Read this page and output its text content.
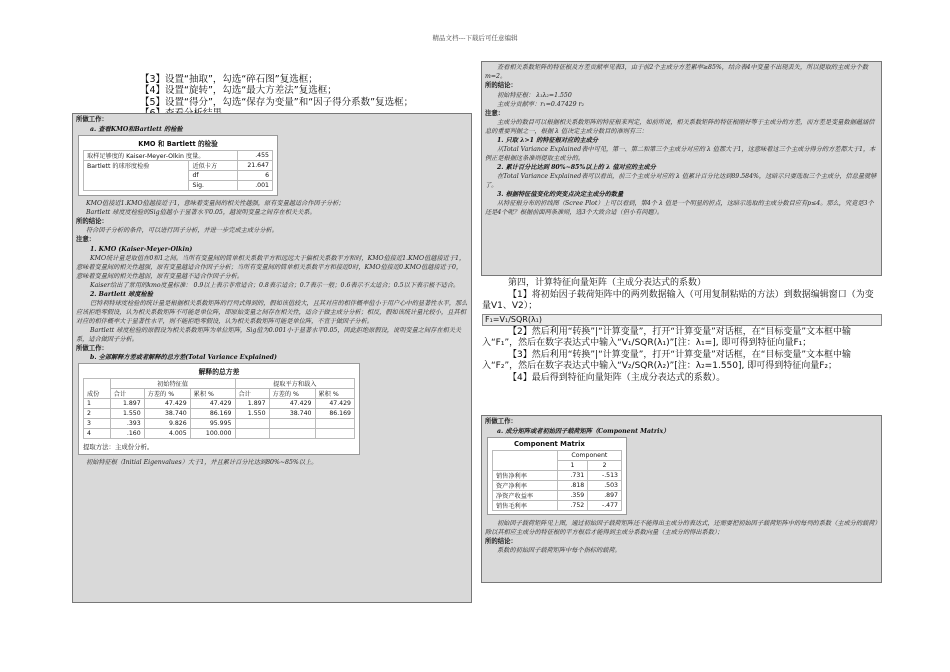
精品文档---下载后可任意编辑
【3】设置“抽取”，勾选“碎石图”复选框；
【4】设置“旋转”，勾选“最大方差法”复选框；
【5】设置“得分”，勾选“保存为变量”和“因子得分系数”复选框；
所做工作：
a. 查看KMO和Bartlett 的检验
KMO 和 Bartlett 的检验
取样足够度的 Kaiser-Meyer-Olkin 度量。		.455
Bartlett 的球形度检验	近似卡方	21.647
	df	6
	Sig.	.001
KMO值接近1.KMO值越接近于1，意味着变量间的相关性越强，原有变量越适合作因子分析；
Bartlett 球度度检验的Sig值越小于显著水平0.05，越说明变量之间存在相关关系。
所的结论：
符合因子分析的条件，可以进行因子分析，并进一步完成主成分分析。
注意：
1. KMO (Kaiser-Meyer-Olkin)
KMO统计量是取值在0和1之间。当所有变量间的简单相关系数平方和远远大于偏相关系数平方和时，KMO值接近1.KMO值越接近于1，意味着变量间的相关性越强，原有变量越适合作因子分析；当所有变量间的简单相关系数平方和接近0时，KMO值接近0.KMO值越接近于0，意味着变量间的相关性越弱，原有变量越不适合作因子分析。
Kaiser给出了常用的kmo度量标准： 0.9以上表示非常适合；0.8表示适合；0.7表示一般；0.6表示不太适合；0.5以下表示极不适合。
2. Bartlett 球度检验
巴特利特球度检验的统计量是根据相关系数矩阵的行列式得到的，假如该值较大，且其对应的相伴概率值小于用户心中的显著性水平，那么应该拒绝零假设，认为相关系数矩阵不可能是单位阵，即原始变量之间存在相关性，适合于做主成分分析；相反，假如该统计量比较小，且其相对应的相伴概率大于显著性水平，则不能拒绝零假设，认为相关系数矩阵可能是单位阵，不宜于做因子分析。
Bartlett 球度检验的原假设为相关系数矩阵为单位矩阵，Sig值为0.001小于显著水平0.05，因此拒绝原假设，说明变量之间存在相关关系，适合做因子分析。
所做工作：
b. 全部解释方差或者解释的总方差(Total Variance Explained)
解释的总方差
成份	初始特征值			提取平方和载入		
	合计	方差的 %	累积 %	合计	方差的 %	累积 %
1	1.897	47.429	47.429	1.897	47.429	47.429
2	1.550	38.740	86.169	1.550	38.740	86.169
3	.393	9.826	95.995			
4	.160	4.005	100.000			
提取方法：主成份分析。
初始特征根（Initial Eigenvalues）大于1，并且累计百分比达到80%~85%以上。
查看相关系数矩阵的特征根及方差贡献率见表3，由于前2个主成分方差累率≥85%，结合表4中变量不出现丢失，所以提取的主成分个数m=2。
所的结论：
初始特征根： λ₁λ₂=1.550
主成分贡献率：r₁=0.47429 r₂
注意：
主成分的数目可以根据相关系数矩阵的特征根来判定，如前所说，相关系数矩阵的特征根刚好等于主成分的方差，而方差是变量数据蕴涵信息的重要判据之一，根据 λ 值决定主成分数目的准则有三：
1. 只取 λ>1 的特征根对应的主成分
从Total Variance Explained表中可见，第一、第二和第三个主成分对应的 λ 值都大于1，这意味着这三个主成分得分的方差都大于1，本例正是根据这条准则提取主成分的。
2. 累计百分比达到 80%~85%以上的 λ 值对应的主成分
在Total Variance Explained表可以看出，前三个主成分对应的 λ 值累计百分比达到89.584%，这暗示只要选取三个主成分，信息量就够了。
3. 根据特征值变化的突变点决定主成分的数量
从特征根分布的折线图（Scree Plot）上可以看到，第4个 λ 值是一个明显的折点，这暗示选取的主成分数目应有p≤4。那么，究竟是3个还是4个呢？根据前面两条准则，选3个大致合适（但小有问题）。
第四，计算特征向量矩阵（主成分表达式的系数）
【1】将初始因子载荷矩阵中的两列数据输入（可用复制粘贴的方法）到数据编辑窗口（为变量V1、V2）；
F₁=V₁/SQR(λ₁)
【2】然后利用“转换”|“计算变量”，打开“计算变量”对话框，在“目标变量”文本框中输入“F₁”，然后在数字表达式中输入“V₁/SQR(λ₁)”[注：λ₁=], 即可得到特征向量F₁；
【3】然后利用“转换”|“计算变量”，打开“计算变量”对话框，在“目标变量”文本框中输入“F₂”，然后在数字表达式中输入“V₂/SQR(λ₂)”[注：λ₂=1.550], 即可得到特征向量F₂；
【4】最后得到特征向量矩阵（主成分表达式的系数）。
所做工作：
a. 成分矩阵或者初始因子载荷矩阵（Component Matrix）
Component Matrix
	Component	
	1	2
销售净利率	.731	-.513
资产净利率	.818	.503
净资产收益率	.359	.897
销售毛利率	.752	-.477
初始因子载荷矩阵见上图，通过初始因子载荷矩阵还不能得出主成分的表达式，还需要把初始因子载荷矩阵中的每列的系数（主成分的载荷）除以其相应主成分的特征根的平方根后才能得到主成分系数向量（主成分的得出系数）；
所的结论：
系数的初始因子载荷矩阵中每个指标的载荷。
